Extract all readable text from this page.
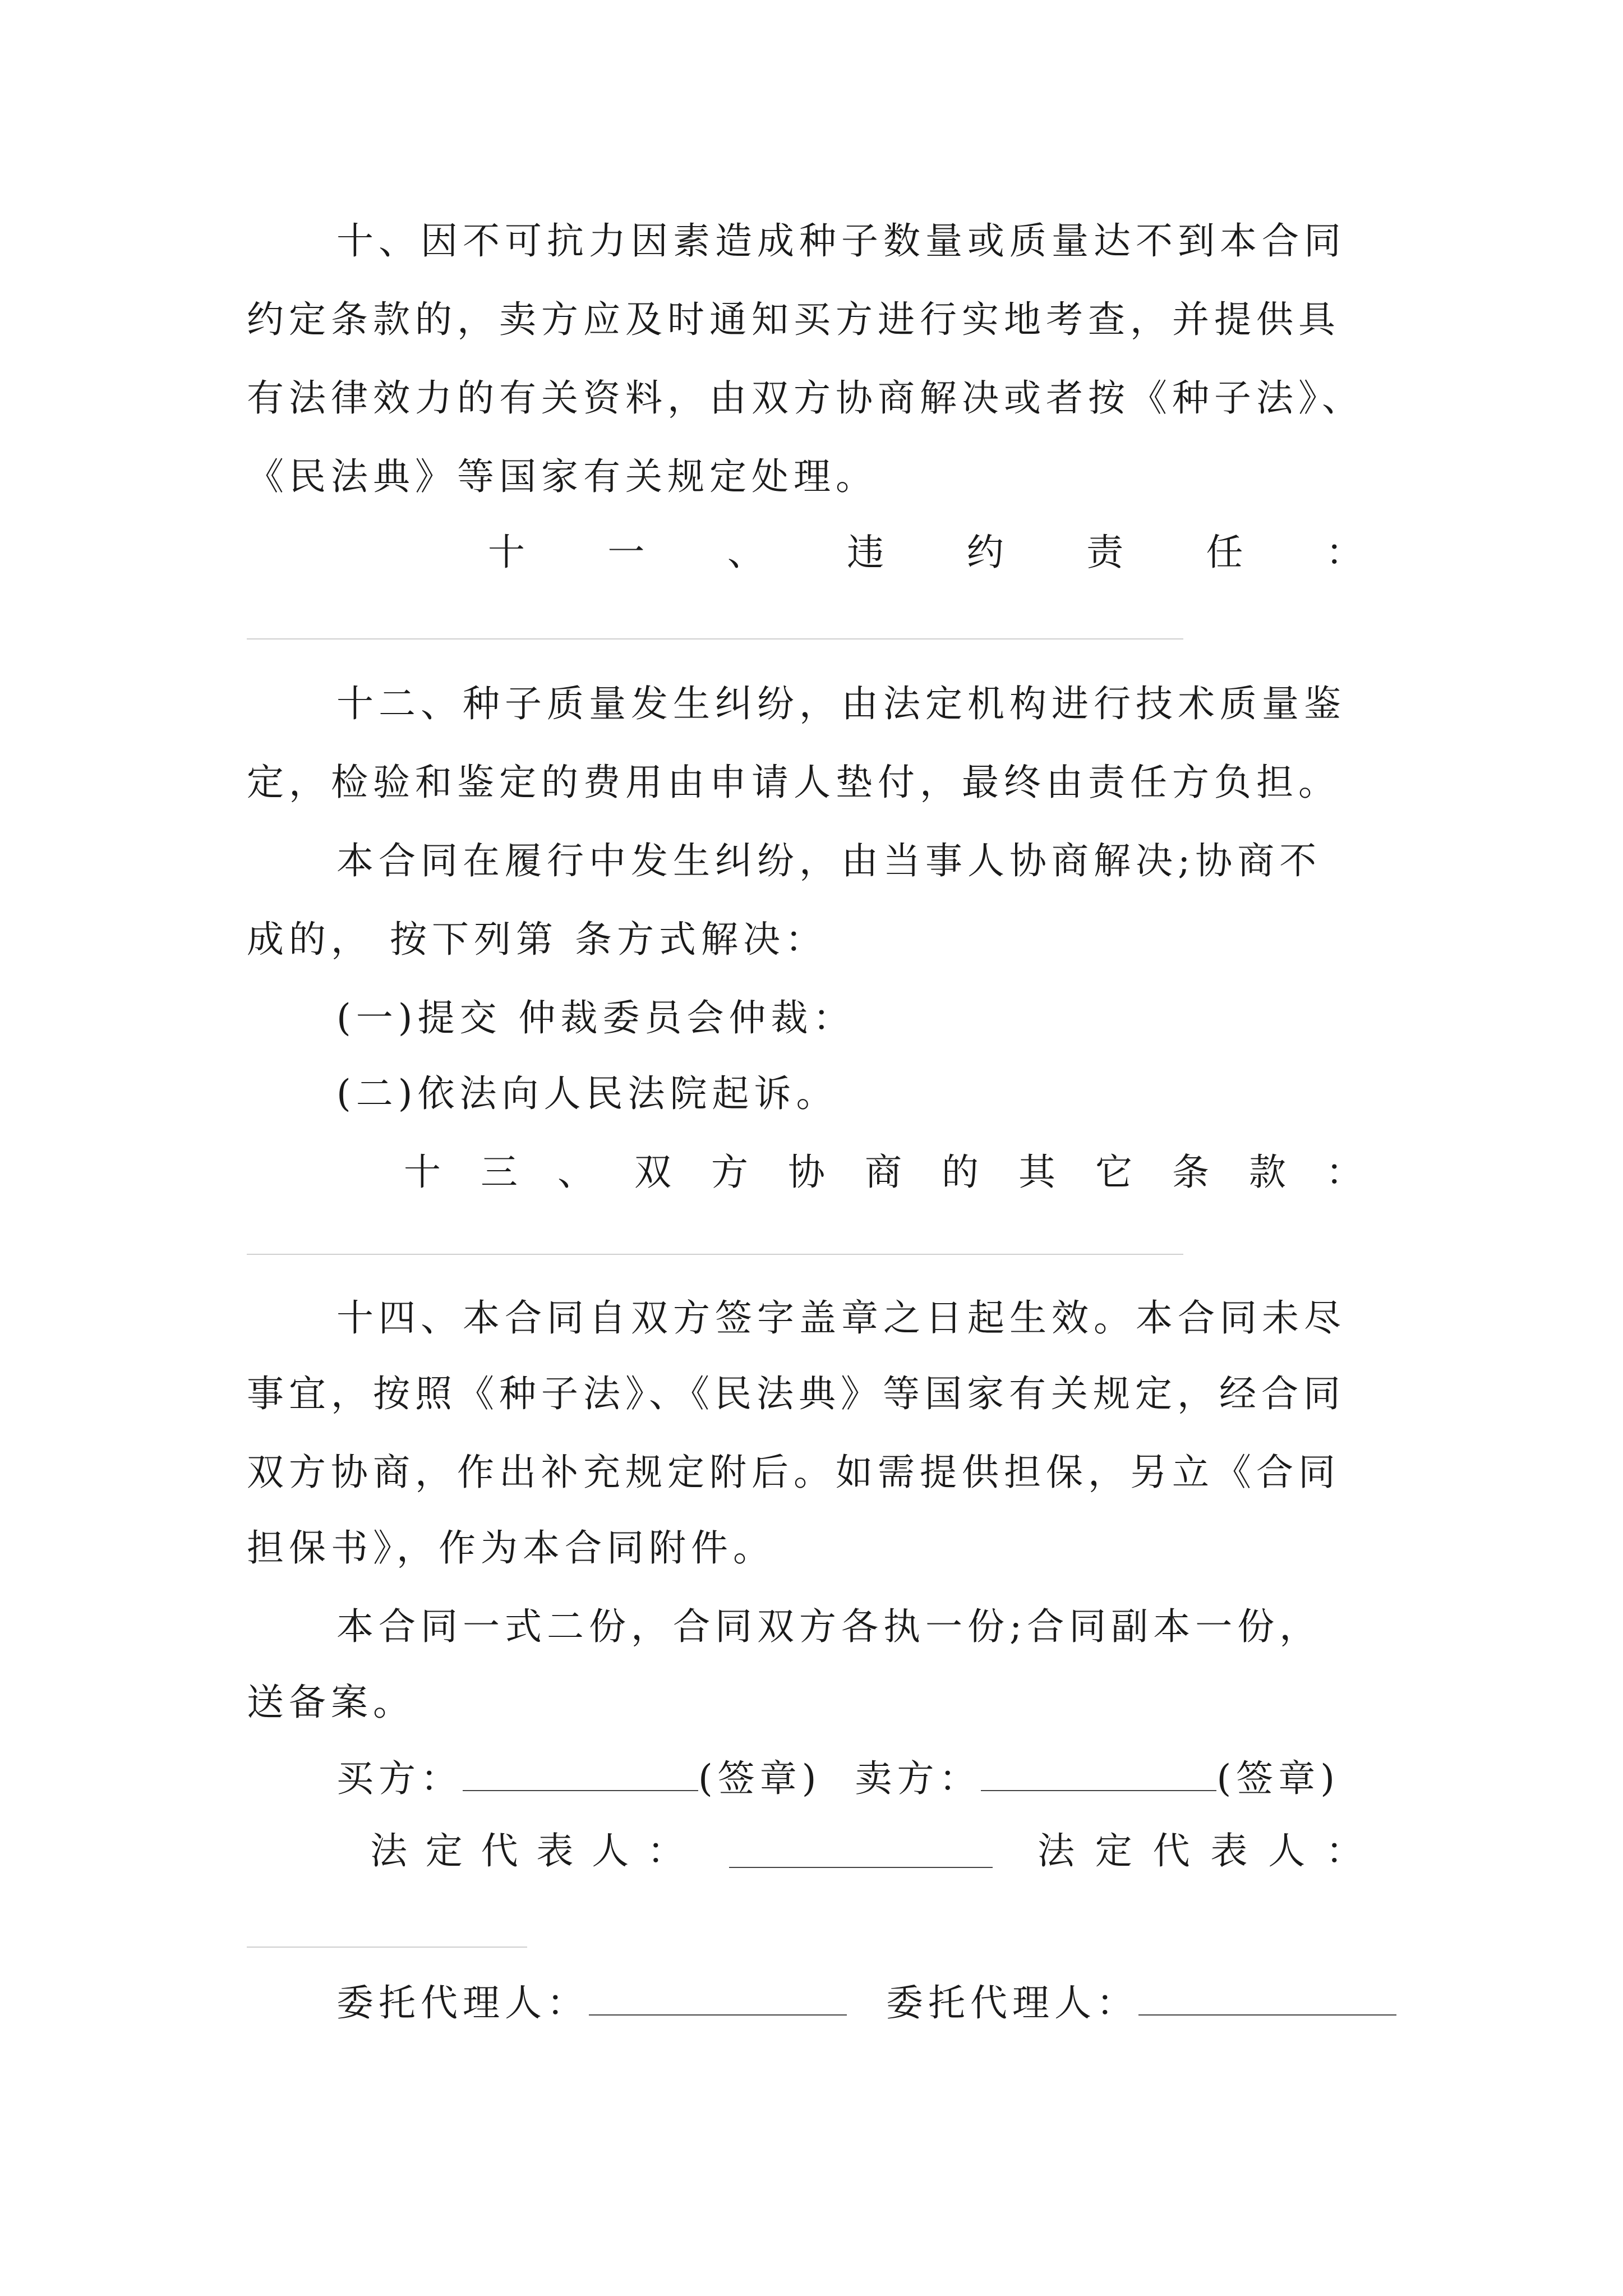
十、因不可抗力因素造成种子数量或质量达不到本合同
约定条款的，卖方应及时通知买方进行实地考查，并提供具
有法律效力的有关资料，由双方协商解决或者按《种子法》、
《民法典》等国家有关规定处理。
十 一 、 违 约 责 任 ：
十二、种子质量发生纠纷，由法定机构进行技术质量鉴
定，检验和鉴定的费用由申请人垫付，最终由责任方负担。
本合同在履行中发生纠纷，由当事人协商解决;协商不
成的， 按下列第 条方式解决：
(一)提交 仲裁委员会仲裁：
(二)依法向人民法院起诉。
十 三 、 双 方 协 商 的 其 它 条 款 ：
十四、本合同自双方签字盖章之日起生效。本合同未尽
事宜，按照《种子法》、《民法典》等国家有关规定，经合同
双方协商，作出补充规定附后。如需提供担保，另立《合同
担保书》，作为本合同附件。
本合同一式二份，合同双方各执一份;合同副本一份，
送备案。
买方：	(签章) 卖方：	(签章)
法 定 代 表 人 ：	法 定 代 表 人 ：
委托代理人：	委托代理人：
